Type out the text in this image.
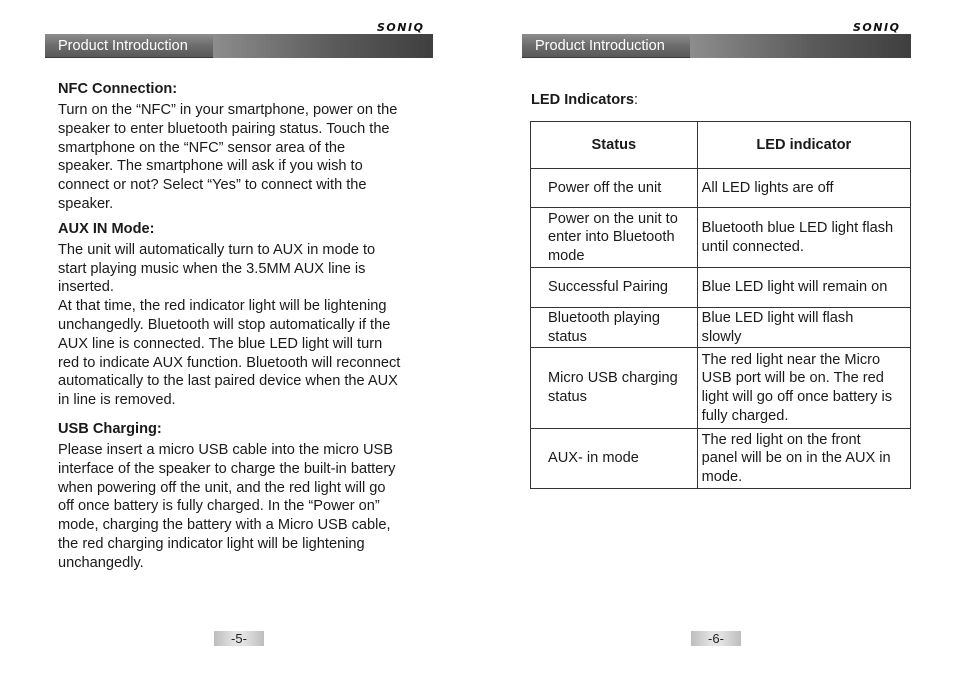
SONIQ
Product Introduction
NFC Connection:

Turn on the “NFC” in your smartphone, power on the
speaker to enter bluetooth pairing status. Touch the
smartphone on the “NFC” sensor area of the
speaker. The smartphone will ask if you wish to
connect or not? Select “Yes” to connect with the
speaker.

AUX IN Mode:

The unit will automatically turn to AUX in mode to
start playing music when the 3.5MM AUX line is
inserted.
At that time, the red indicator light will be lightening
unchangedly. Bluetooth will stop automatically if the
AUX line is connected. The blue LED light will turn
red to indicate AUX function. Bluetooth will reconnect
automatically to the last paired device when the AUX
in line is removed.

USB Charging:

Please insert a micro USB cable into the micro USB
interface of the speaker to charge the built-in battery
when powering off the unit, and the red light will go
off once battery is fully charged. In the “Power on”
mode, charging the battery with a Micro USB cable,
the red charging indicator light will be lightening
unchangedly.

-5-
SONIQ
Product Introduction
LED Indicators:
Status	LED indicator
Power off the unit	All LED lights are off
Power on the unit to
enter into Bluetooth
mode	Bluetooth blue LED light flash
until connected.
Successful Pairing	Blue LED light will remain on
Bluetooth playing
status	Blue LED light will flash
slowly
Micro USB charging
status	The red light near the Micro
USB port will be on. The red
light will go off once battery is
fully charged.
AUX- in mode	The red light on the front
panel will be on in the AUX in
mode.
-6-
